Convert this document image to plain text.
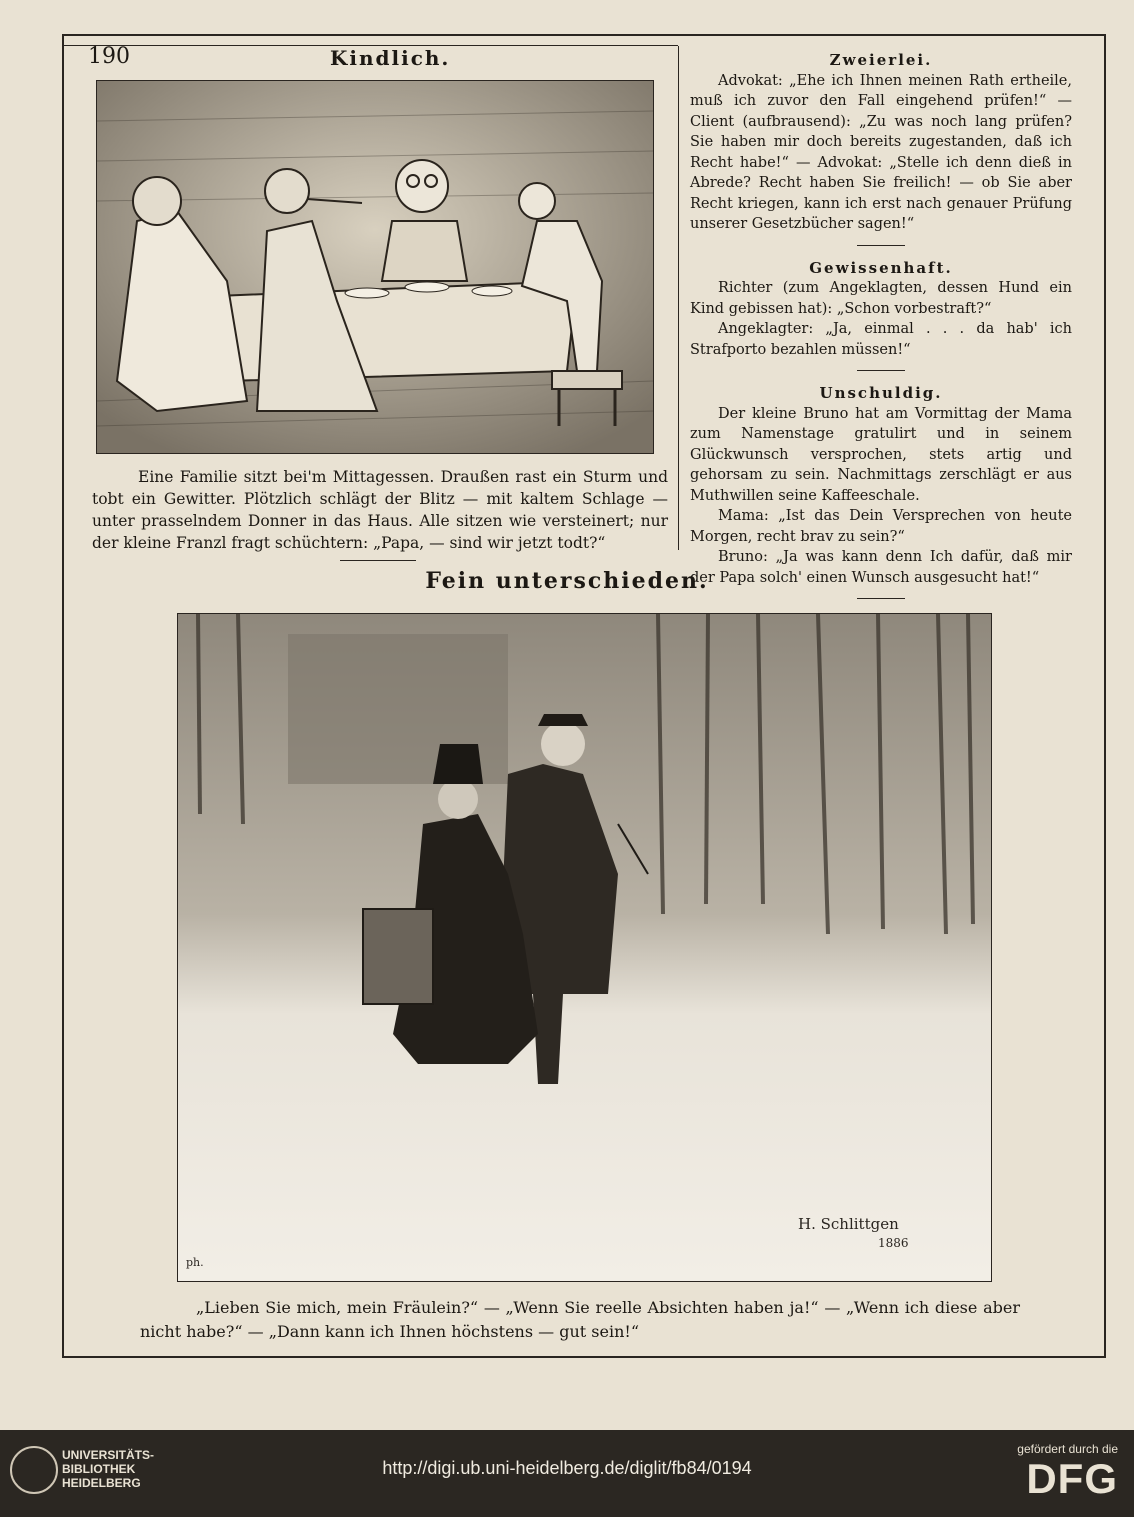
190	Kindlich.
Eine Familie sitzt bei'm Mittagessen. Draußen rast ein Sturm und tobt ein Gewitter. Plötzlich schlägt der Blitz — mit kaltem Schlage — unter prasselndem Donner in das Haus. Alle sitzen wie versteinert; nur der kleine Franzl fragt schüchtern: „Papa, — sind wir jetzt todt?“

Zweierlei.

Advokat: „Ehe ich Ihnen meinen Rath ertheile, muß ich zuvor den Fall eingehend prüfen!“ — Client (aufbrausend): „Zu was noch lang prüfen? Sie haben mir doch bereits zugestanden, daß ich Recht habe!“ — Advokat: „Stelle ich denn dieß in Abrede? Recht haben Sie freilich! — ob Sie aber Recht kriegen, kann ich erst nach genauer Prüfung unserer Gesetzbücher sagen!“

Gewissenhaft.

Richter (zum Angeklagten, dessen Hund ein Kind gebissen hat): „Schon vorbestraft?“

Angeklagter: „Ja, einmal . . . da hab' ich Strafporto bezahlen müssen!“

Unschuldig.

Der kleine Bruno hat am Vormittag der Mama zum Namenstage gratulirt und in seinem Glückwunsch versprochen, stets artig und gehorsam zu sein. Nachmittags zerschlägt er aus Muthwillen seine Kaffeeschale.

Mama: „Ist das Dein Versprechen von heute Morgen, recht brav zu sein?“

Bruno: „Ja was kann denn Ich dafür, daß mir der Papa solch' einen Wunsch ausgesucht hat!“

Fein unterschieden.
H. Schlittgen
1886
ph.
„Lieben Sie mich, mein Fräulein?“ — „Wenn Sie reelle Absichten haben ja!“ — „Wenn ich diese aber nicht habe?“ — „Dann kann ich Ihnen höchstens — gut sein!“
UNIVERSITÄTS-
BIBLIOTHEK
HEIDELBERG
http://digi.ub.uni-heidelberg.de/diglit/fb84/0194
gefördert durch die
DFG
